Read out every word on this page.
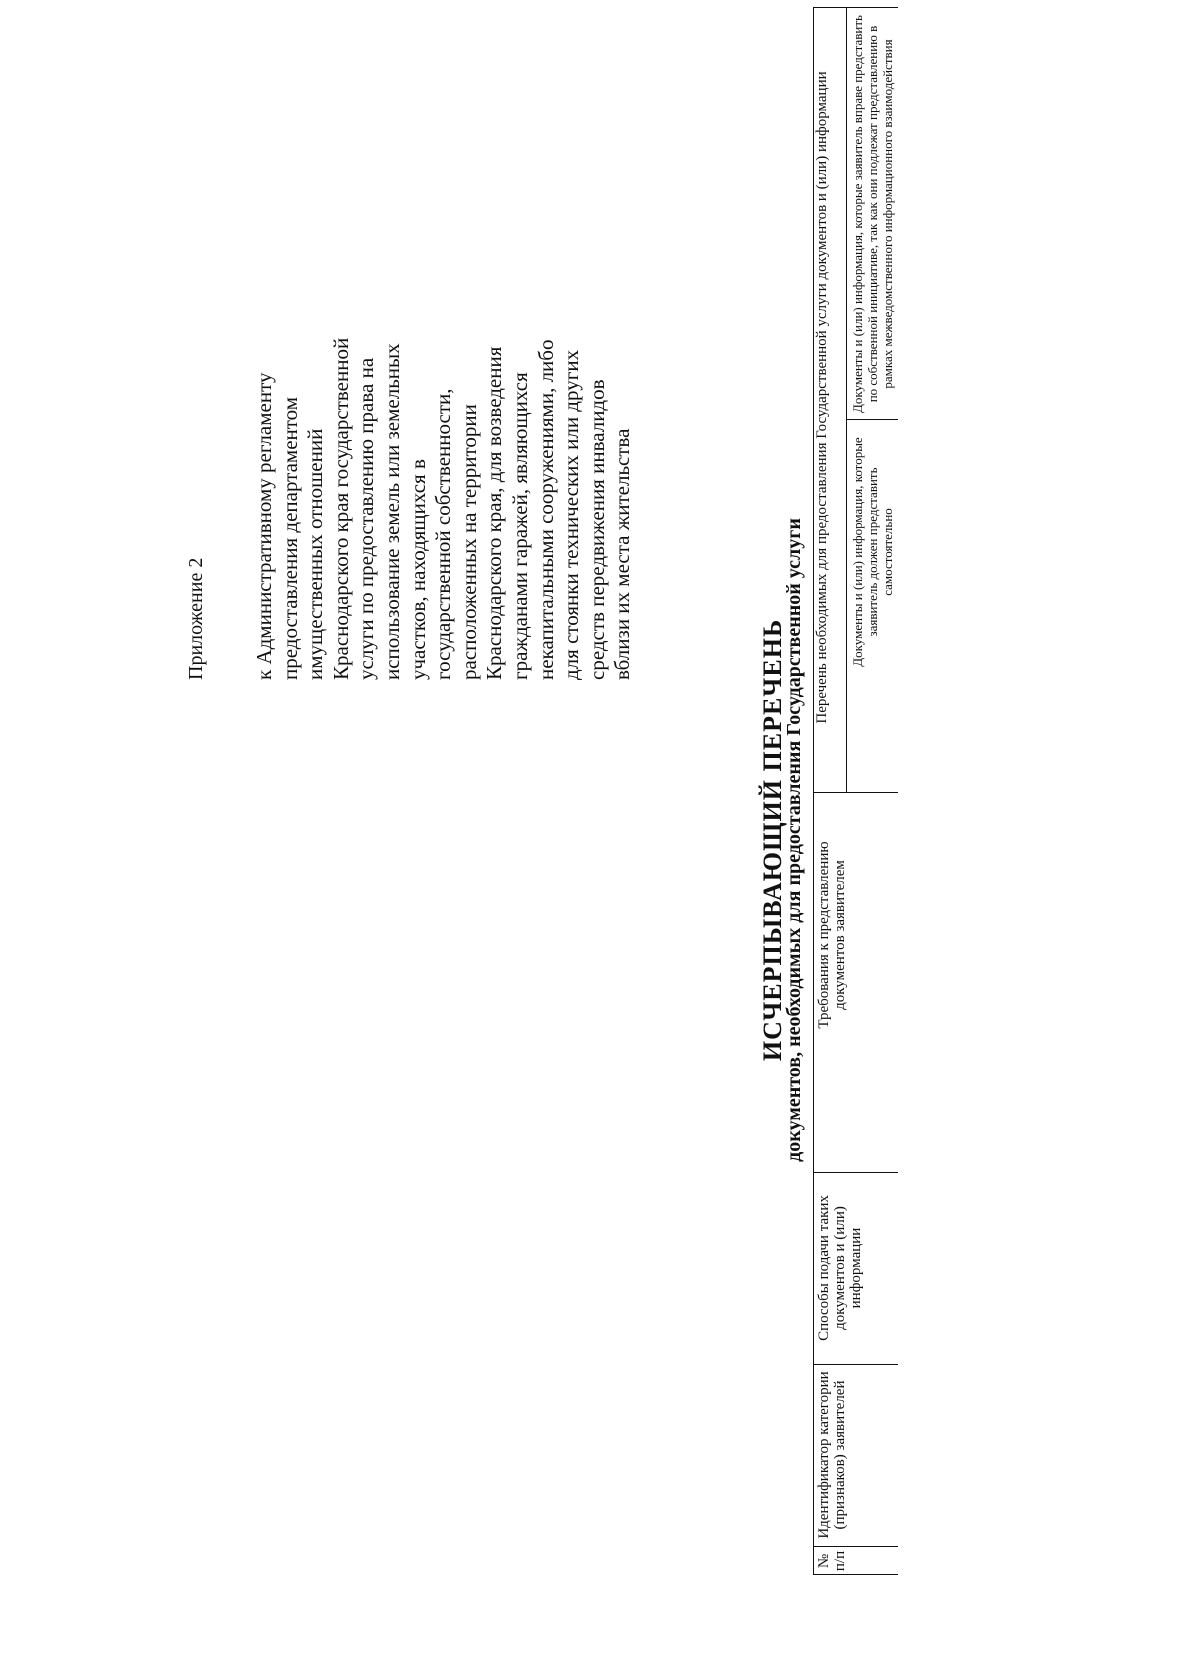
Приложение 2 к Административному регламенту предоставления департаментом имущественных отношений Краснодарского края государственной услуги по предоставлению права на использование земель или земельных участков, находящихся в государственной собственности, расположенных на территории Краснодарского края, для возведения гражданами гаражей, являющихся некапитальными сооружениями, либо для стоянки технических или других средств передвижения инвалидов вблизи их места жительства
ИСЧЕРПЫВАЮЩИЙ ПЕРЕЧЕНЬ
документов, необходимых для предоставления Государственной услуги
№ п/п
Идентификатор категории (признаков) заявителей
Способы подачи таких документов и (или) информации
Требования к представлению документов заявителем
Перечень необходимых для предоставления Государственной услуги документов и (или) информации Документы и (или) информация, которые заявитель должен представить самостоятельно
Документы и (или) информация, которые заявитель вправе представить по собственной инициативе, так как они подлежат представлению в рамках межведомственного информационного взаимодействия
